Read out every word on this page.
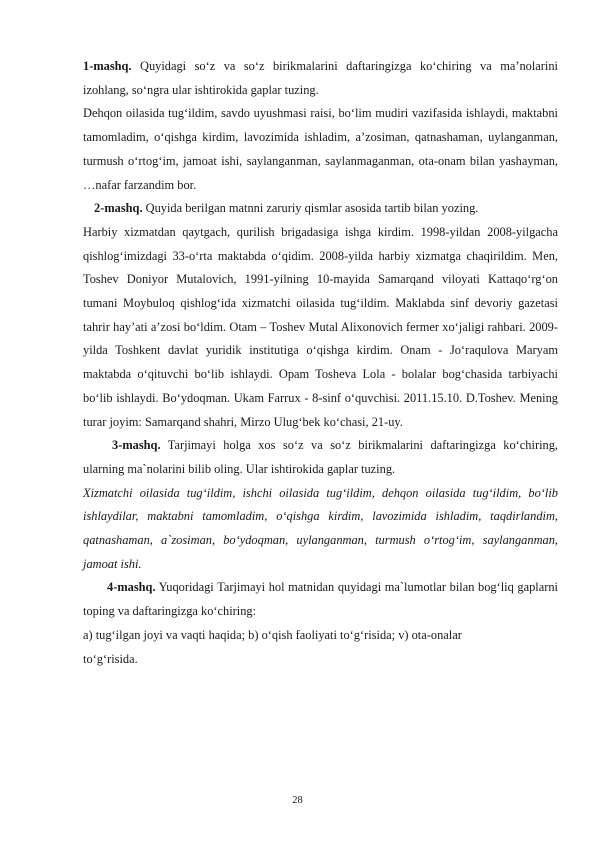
1-mashq. Quyidagi so‘z va so‘z birikmalarini daftaringizga ko‘chiring va ma’nolarini izohlang, so‘ngra ular ishtirokida gaplar tuzing.

Dehqon oilasida tug‘ildim, savdo uyushmasi raisi, bo‘lim mudiri vazifasida ishlaydi, maktabni tamomladim, o‘qishga kirdim, lavozimida ishladim, a’zosiman, qatnashaman, uylanganman, turmush o‘rtog‘im, jamoat ishi, saylanganman, saylanmaganman, ota-onam bilan yashayman, …nafar farzandim bor.

2-mashq. Quyida berilgan matnni zaruriy qismlar asosida tartib bilan yozing.

Harbiy xizmatdan qaytgach, qurilish brigadasiga ishga kirdim. 1998-yildan 2008-yilgacha qishlog‘imizdagi 33-o‘rta maktabda o‘qidim. 2008-yilda harbiy xizmatga chaqirildim. Men, Toshev Doniyor Mutalovich, 1991-yilning 10-mayida Samarqand viloyati Kattaqo‘rg‘on tumani Moybuloq qishlog‘ida xizmatchi oilasida tug‘ildim. Maklabda sinf devoriy gazetasi tahrir hay’ati a’zosi bo‘ldim. Otam – Toshev Mutal Alixonovich fermer xo‘jaligi rahbari. 2009-yilda Toshkent davlat yuridik institutiga o‘qishga kirdim. Onam - Jo‘raqulova Maryam maktabda o‘qituvchi bo‘lib ishlaydi. Opam Tosheva Lola - bolalar bog‘chasida tarbiyachi bo‘lib ishlaydi. Bo‘ydoqman. Ukam Farrux - 8-sinf o‘quvchisi. 2011.15.10. D.Toshev. Mening turar joyim: Samarqand shahri, Mirzo Ulug‘bek ko‘chasi, 21-uy.

3-mashq. Tarjimayi holga xos so‘z va so‘z birikmalarini daftaringizga ko‘chiring, ularning ma`nolarini bilib oling. Ular ishtirokida gaplar tuzing.

Xizmatchi oilasida tug‘ildim, ishchi oilasida tug‘ildim, dehqon oilasida tug‘ildim, bo‘lib ishlaydilar, maktabni tamomladim, o‘qishga kirdim, lavozimida ishladim, taqdirlandim, qatnashaman, a`zosiman, bo‘ydoqman, uylanganman, turmush o‘rtog‘im, saylanganman, jamoat ishi.

4-mashq. Yuqoridagi Tarjimayi hol matnidan quyidagi ma`lumotlar bilan bog‘liq gaplarni toping va daftaringizga ko‘chiring:

a) tug‘ilgan joyi va vaqti haqida; b) o‘qish faoliyati to‘g‘risida; v) ota-onalar

to‘g‘risida.

28
